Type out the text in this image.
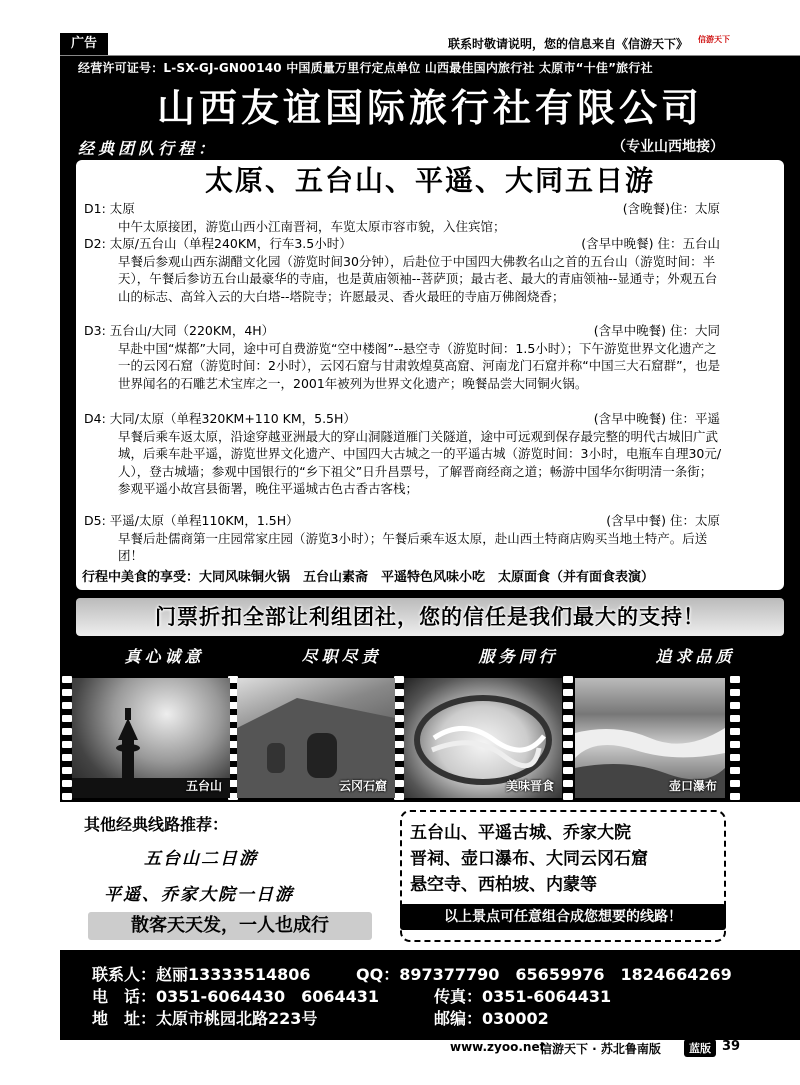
广告	联系时敬请说明，您的信息来自《信游天下》	信游天下
经营许可证号：L-SX-GJ-GN00140 中国质量万里行定点单位 山西最佳国内旅行社 太原市“十佳”旅行社
山西友谊国际旅行社有限公司
经典团队行程：	（专业山西地接）
太原、五台山、平遥、大同五日游
D1: 太原	(含晚餐)住：太原
中午太原接团，游览山西小江南晋祠，车览太原市容市貌，入住宾馆；
D2: 太原/五台山（单程240KM，行车3.5小时）	(含早中晚餐) 住：五台山
早餐后参观山西东湖醋文化园（游览时间30分钟），后赴位于中国四大佛教名山之首的五台山（游览时间：半天），午餐后参访五台山最豪华的寺庙，也是黄庙领袖--菩萨顶；最古老、最大的青庙领袖--显通寺；外观五台山的标志、高耸入云的大白塔--塔院寺；许愿最灵、香火最旺的寺庙万佛阁烧香；
D3: 五台山/大同（220KM，4H）	(含早中晚餐) 住：大同
早赴中国“煤都”大同，途中可自费游览“空中楼阁”--悬空寺（游览时间：1.5小时）；下午游览世界文化遗产之一的云冈石窟（游览时间：2小时），云冈石窟与甘肃敦煌莫高窟、河南龙门石窟并称“中国三大石窟群”，也是世界闻名的石雕艺术宝库之一，2001年被列为世界文化遗产；晚餐品尝大同铜火锅。
D4: 大同/太原（单程320KM+110 KM，5.5H）	(含早中晚餐) 住：平遥
早餐后乘车返太原，沿途穿越亚洲最大的穿山洞隧道雁门关隧道，途中可远观到保存最完整的明代古城旧广武城，后乘车赴平遥，游览世界文化遗产、中国四大古城之一的平遥古城（游览时间：3小时，电瓶车自理30元/人），登古城墙；参观中国银行的“乡下祖父”日升昌票号，了解晋商经商之道；畅游中国华尔街明清一条街；参观平遥小故宫县衙署，晚住平遥城古色古香古客栈；
D5: 平遥/太原（单程110KM，1.5H）	(含早中餐) 住：太原
早餐后赴儒商第一庄园常家庄园（游览3小时）；午餐后乘车返太原，赴山西土特商店购买当地土特产。后送团！
行程中美食的享受：大同风味铜火锅　五台山素斋　平遥特色风味小吃　太原面食（并有面食表演）
门票折扣全部让利组团社，您的信任是我们最大的支持！
真心诚意	尽职尽责	服务同行	追求品质
五台山	云冈石窟	美味晋食	壶口瀑布
其他经典线路推荐：
五台山二日游
平遥、乔家大院一日游
散客天天发，一人也成行
五台山、平遥古城、乔家大院
晋祠、壶口瀑布、大同云冈石窟
悬空寺、西柏坡、内蒙等
以上景点可任意组合成您想要的线路！
联系人：赵丽13333514806	QQ：897377790　65659976　1824664269
电　话：0351-6064430　6064431	传真：0351-6064431
地　址：太原市桃园北路223号	邮编：030002
www.zyoo.net
信游天下 · 苏北鲁南版	蓝版 39
